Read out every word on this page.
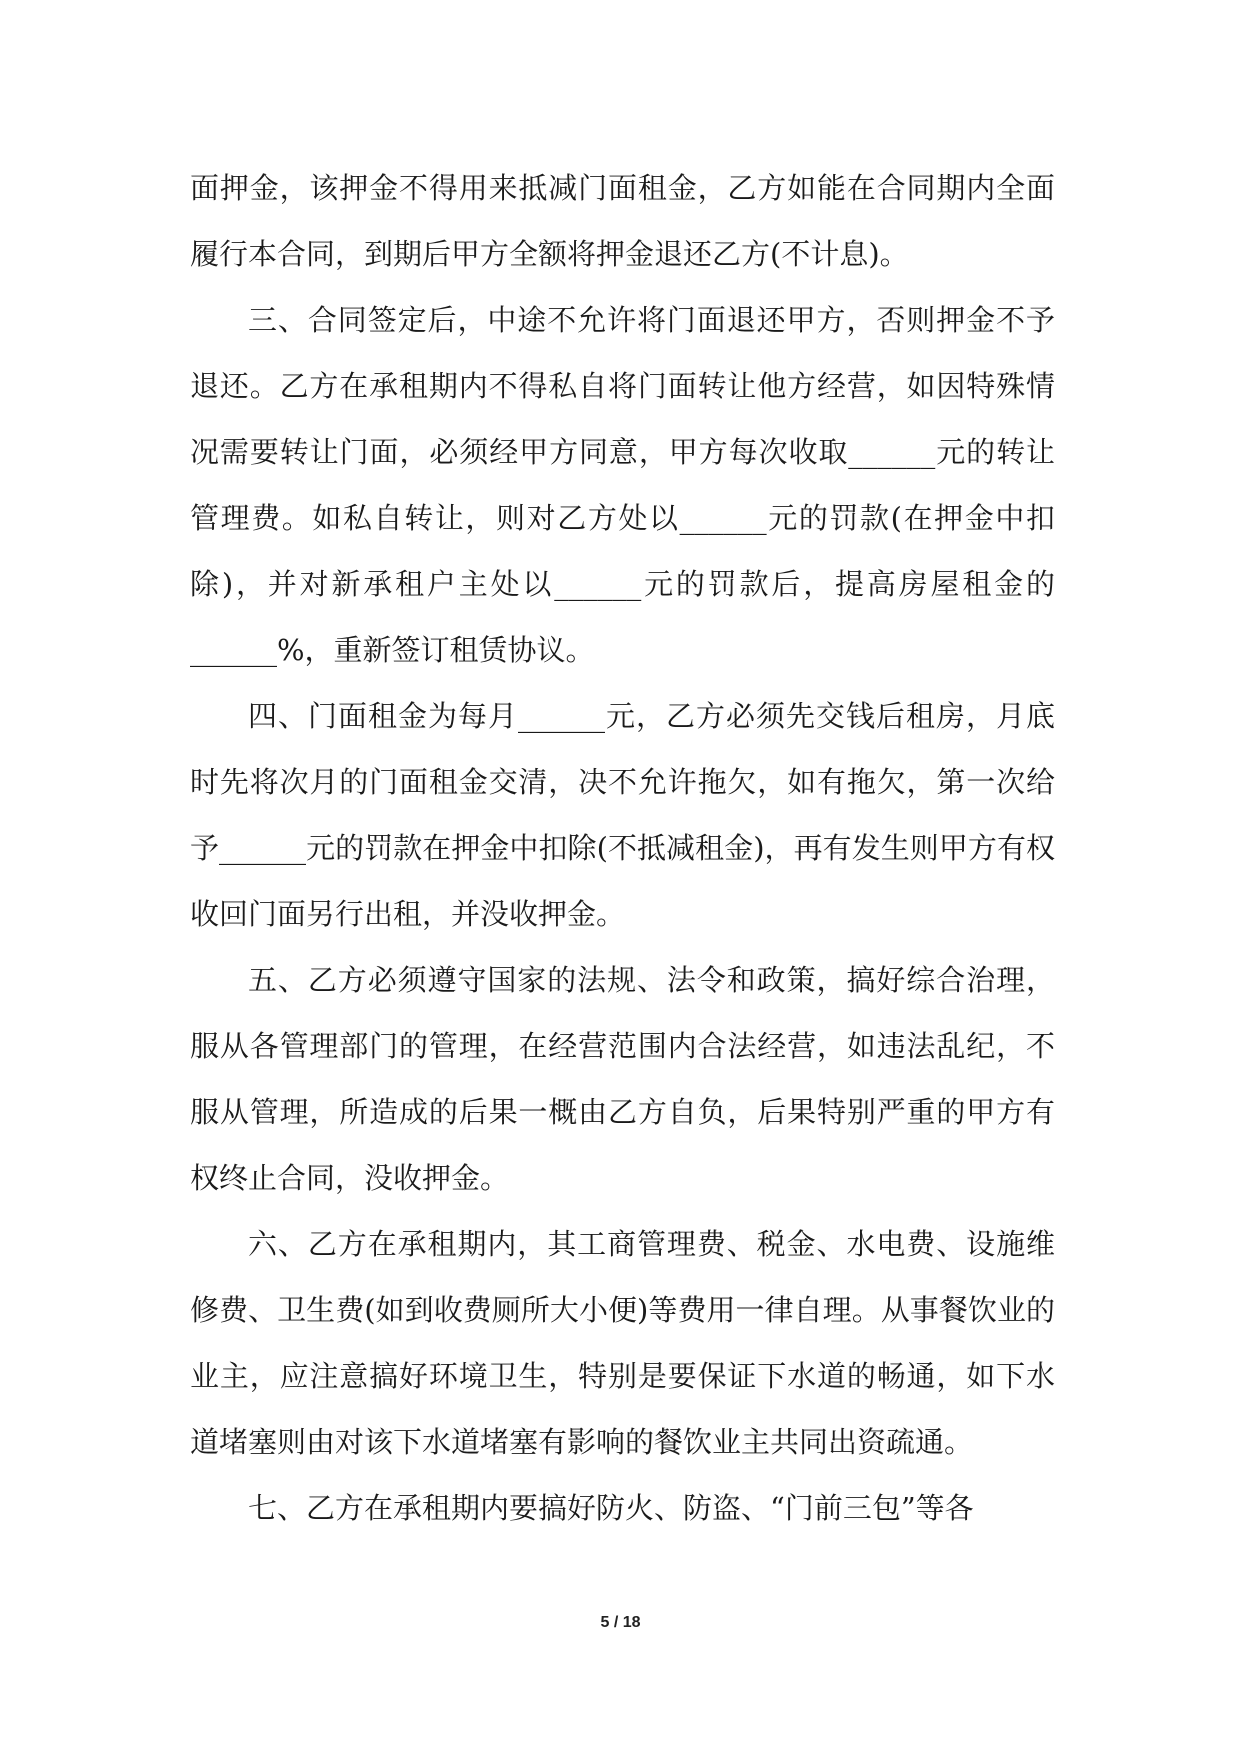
面押金，该押金不得用来抵减门面租金，乙方如能在合同期内全面履行本合同，到期后甲方全额将押金退还乙方(不计息)。

三、合同签定后，中途不允许将门面退还甲方，否则押金不予退还。乙方在承租期内不得私自将门面转让他方经营，如因特殊情况需要转让门面，必须经甲方同意，甲方每次收取______元的转让管理费。如私自转让，则对乙方处以______元的罚款(在押金中扣除)，并对新承租户主处以______元的罚款后，提高房屋租金的______%，重新签订租赁协议。

四、门面租金为每月______元，乙方必须先交钱后租房，月底时先将次月的门面租金交清，决不允许拖欠，如有拖欠，第一次给予______元的罚款在押金中扣除(不抵减租金)，再有发生则甲方有权收回门面另行出租，并没收押金。

五、乙方必须遵守国家的法规、法令和政策，搞好综合治理，服从各管理部门的管理，在经营范围内合法经营，如违法乱纪，不服从管理，所造成的后果一概由乙方自负，后果特别严重的甲方有权终止合同，没收押金。

六、乙方在承租期内，其工商管理费、税金、水电费、设施维修费、卫生费(如到收费厕所大小便)等费用一律自理。从事餐饮业的业主，应注意搞好环境卫生，特别是要保证下水道的畅通，如下水道堵塞则由对该下水道堵塞有影响的餐饮业主共同出资疏通。

七、乙方在承租期内要搞好防火、防盗、“门前三包”等各

5 / 18
